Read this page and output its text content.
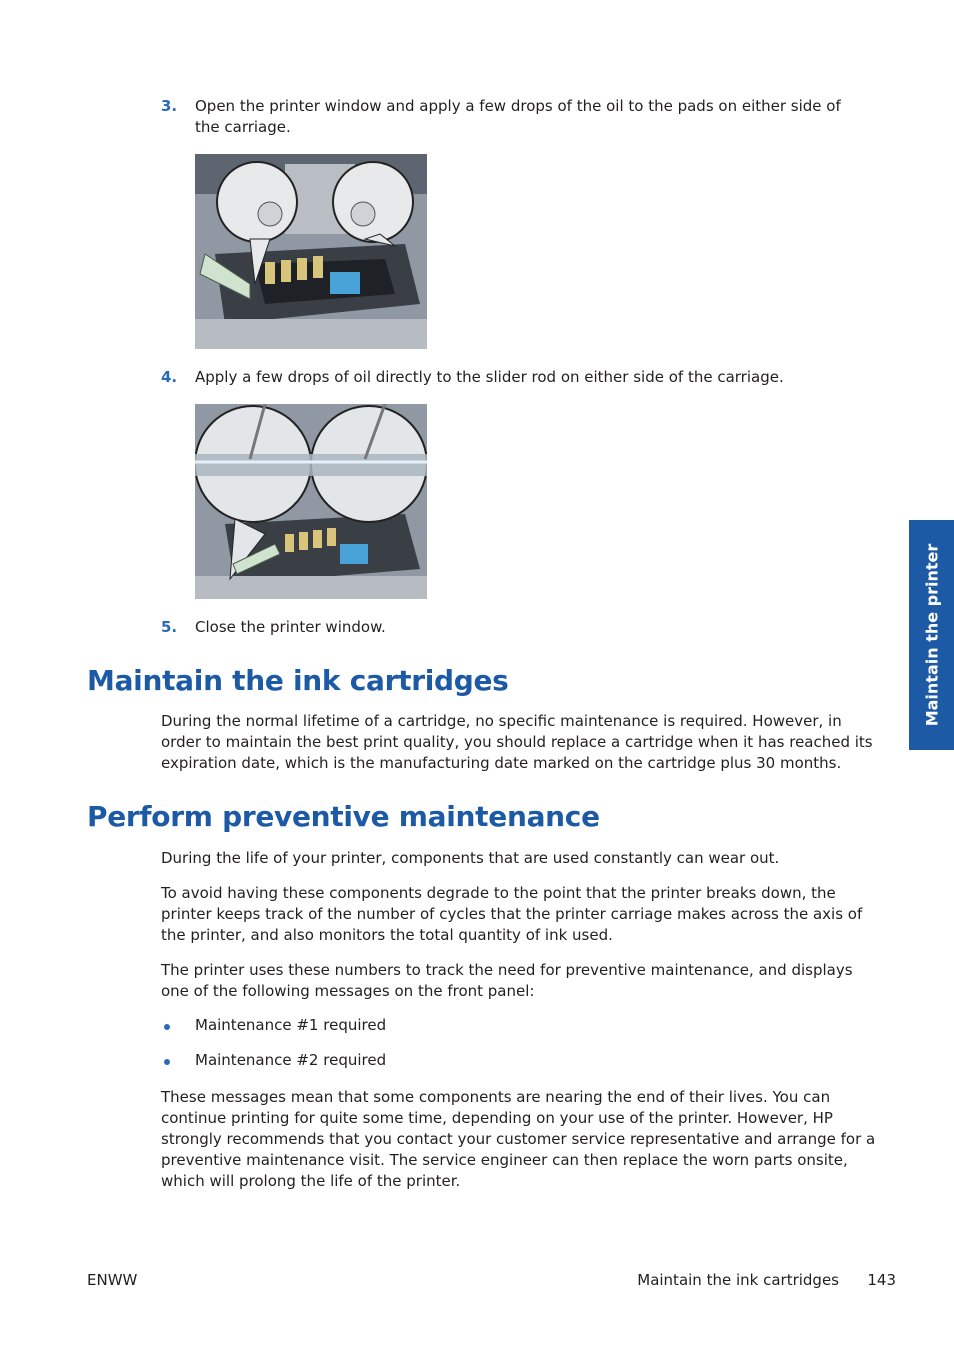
3. Open the printer window and apply a few drops of the oil to the pads on either side of the carriage.
4. Apply a few drops of oil directly to the slider rod on either side of the carriage.
5. Close the printer window.
Maintain the ink cartridges

During the normal lifetime of a cartridge, no specific maintenance is required. However, in order to maintain the best print quality, you should replace a cartridge when it has reached its expiration date, which is the manufacturing date marked on the cartridge plus 30 months.

Perform preventive maintenance

During the life of your printer, components that are used constantly can wear out.

To avoid having these components degrade to the point that the printer breaks down, the printer keeps track of the number of cycles that the printer carriage makes across the axis of the printer, and also monitors the total quantity of ink used.

The printer uses these numbers to track the need for preventive maintenance, and displays one of the following messages on the front panel:

Maintenance #1 required
Maintenance #2 required

These messages mean that some components are nearing the end of their lives. You can continue printing for quite some time, depending on your use of the printer. However, HP strongly recommends that you contact your customer service representative and arrange for a preventive maintenance visit. The service engineer can then replace the worn parts onsite, which will prolong the life of the printer.

Maintain the printer
ENWW	Maintain the ink cartridges 143
